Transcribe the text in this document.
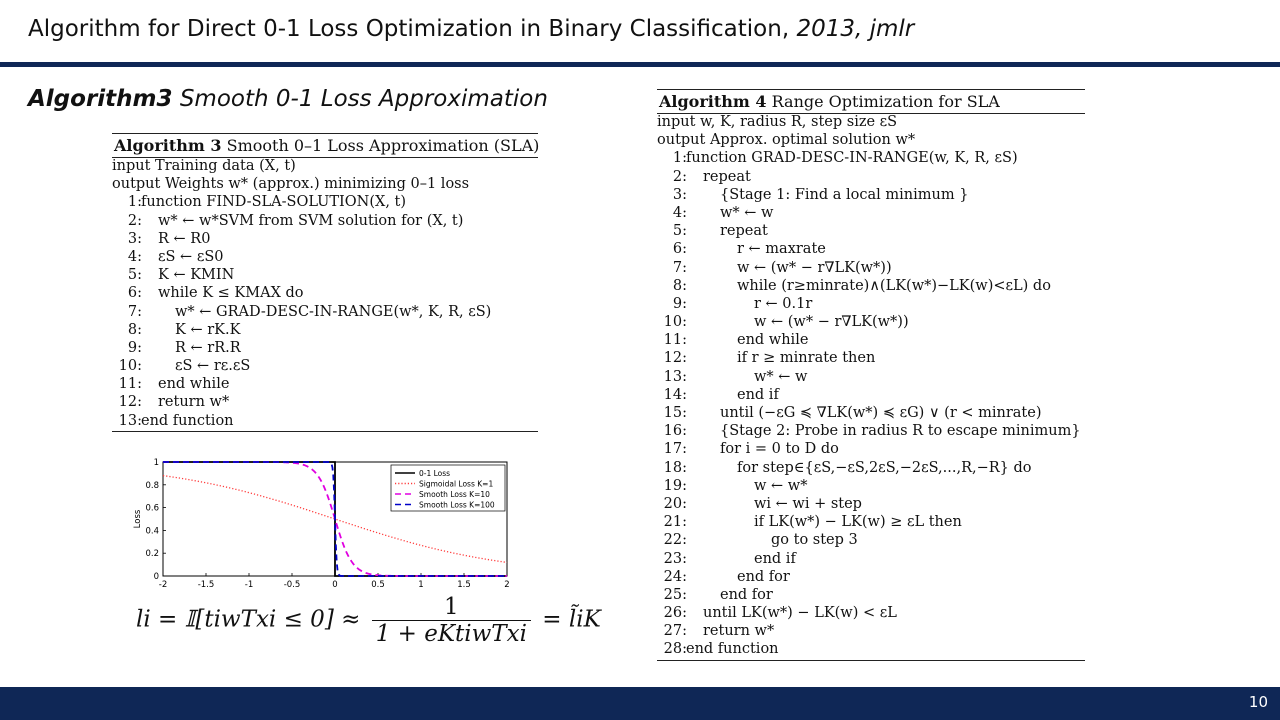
Algorithm for Direct 0-1 Loss Optimization in Binary Classification, 2013, jmlr
Algorithm3 Smooth 0-1 Loss Approximation
Algorithm 3 Smooth 0–1 Loss Approximation (SLA)
input Training data (X, t)
output Weights w* (approx.) minimizing 0–1 loss
1: function FIND-SLA-SOLUTION(X, t)
2: w* ← w*SVM from SVM solution for (X, t)
3: R ← R0
4: εS ← εS0
5: K ← KMIN
6: while K ≤ KMAX do
7: w* ← GRAD-DESC-IN-RANGE(w*, K, R, εS)
8: K ← rK.K
9: R ← rR.R
10: εS ← rε.εS
11: end while
12: return w*
13: end function
-2	-1.5	-1	-0.5	0	0.5	1	1.5	2
0
0.2
0.4
0.6
0.8
1
Loss
0-1 Loss
Sigmoidal Loss K=1
Smooth Loss K=10
Smooth Loss K=100
li = 𝕀[tiwTxi ≤ $0] \approx \frac{1}{\text{1 + eKtiwTxi}}$ = l̃iK
Algorithm 4 Range Optimization for SLA
input w, K, radius R, step size εS
output Approx. optimal solution w*
1: function GRAD-DESC-IN-RANGE(w, K, R, εS)
2: repeat
3: {Stage 1: Find a local minimum }
4: w* ← w
5: repeat
6:	r ← maxrate
7:	w ← (w* − r∇LK(w*))
8:	while (r≥minrate)∧(LK(w*)−LK(w)<εL) do
9:	r ← 0.1r
10:	w ← (w* − r∇LK(w*))
11:	end while
12:	if r ≥ minrate then
13:	w* ← w
14:	end if
15: until (−εG ≼ ∇LK(w*) ≼ εG) ∨ (r < minrate)
16: {Stage 2: Probe in radius R to escape minimum}
17: for i = 0 to D do
18:	for step∈{εS,−εS,2εS,−2εS,...,R,−R} do
19:	w ← w*
20:	wi ← wi + step
21:	if LK(w*) − LK(w) ≥ εL then
22:	go to step 3
23:	end if
24:	end for
25: end for
26: until LK(w*) − LK(w) < εL
27: return w*
28: end function
10
